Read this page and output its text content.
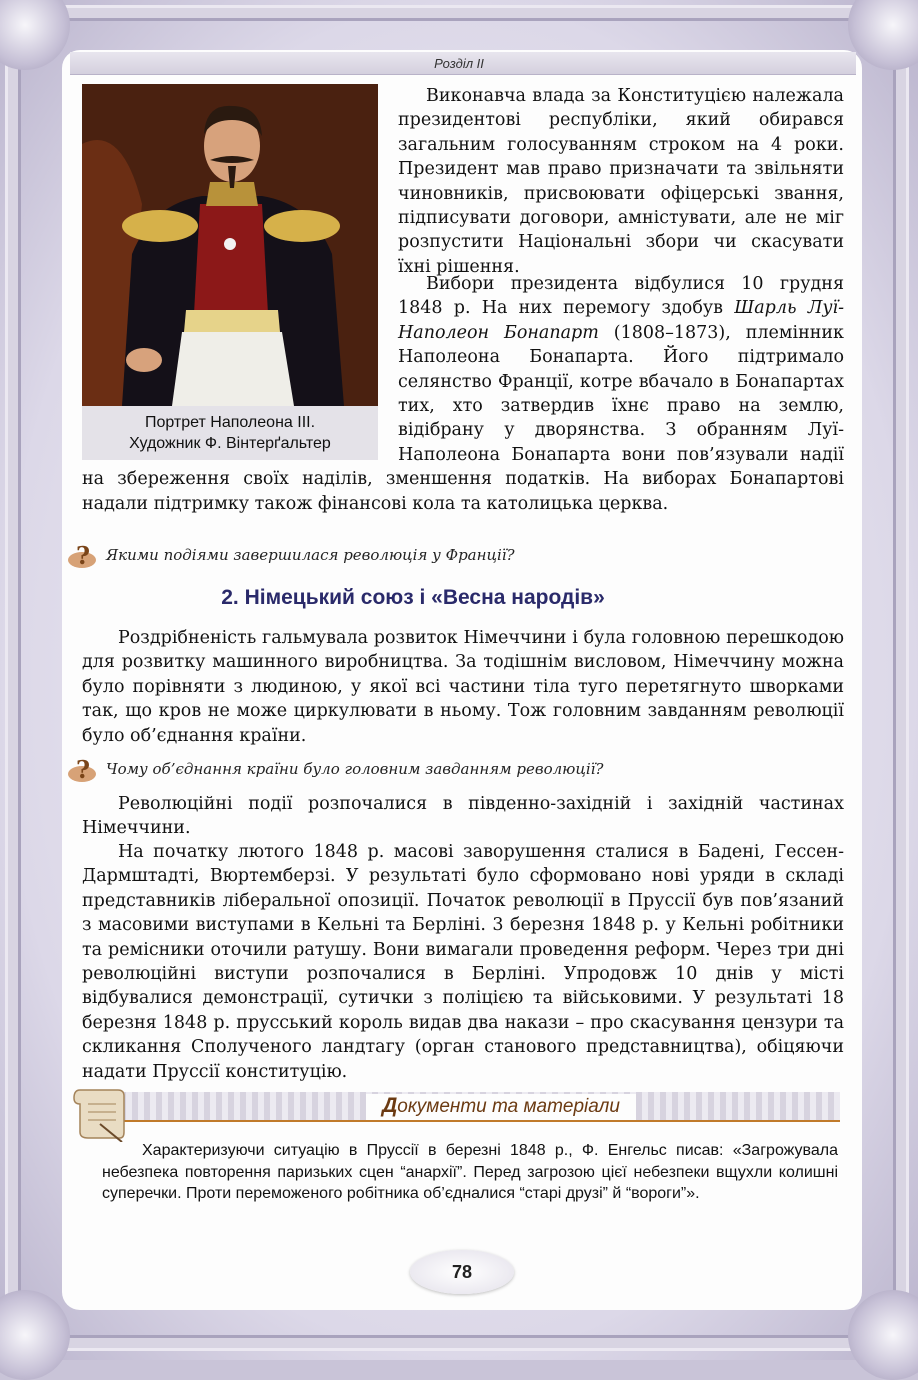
Розділ ІІ
Портрет Наполеона ІІІ.
Художник Ф. Вінтерґальтер

Виконавча влада за Конституцією належала президентові республіки, який обирався загальним голосуванням строком на 4 роки. Президент мав право призначати та звільняти чиновників, присвоювати офіцерські звання, підписувати договори, амністувати, але не міг розпустити Національні збори чи скасувати їхні рішення.

Вибори президента відбулися 10 грудня 1848 р. На них перемогу здобув Шарль Луї-Наполеон Бонапарт (1808–1873), племінник Наполеона Бонапарта. Його підтримало селянство Франції, котре вбачало в Бонапартах тих, хто затвердив їхнє право на землю, відібрану у дворянства. З обранням Луї-Наполеона Бонапарта вони пов’язували надії на збереження своїх наділів, зменшення податків. На виборах Бонапартові надали підтримку також фінансові кола та католицька церква.
? Якими подіями завершилася революція у Франції?
2. Німецький союз і «Весна народів»

Роздрібненість гальмувала розвиток Німеччини і була головною перешкодою для розвитку машинного виробництва. За тодішнім висловом, Німеччину можна було порівняти з людиною, у якої всі частини тіла туго перетягнуто шворками так, що кров не може циркулювати в ньому. Тож головним завданням революції було об’єднання країни.

? Чому об’єднання країни було головним завданням революції?

Революційні події розпочалися в південно-західній і західній частинах Німеччини.

На початку лютого 1848 р. масові заворушення сталися в Бадені, Гессен-Дармштадті, Вюртемберзі. У результаті було сформовано нові уряди в складі представників ліберальної опозиції. Початок революції в Пруссії був пов’язаний з масовими виступами в Кельні та Берліні. 3 березня 1848 р. у Кельні робітники та ремісники оточили ратушу. Вони вимагали проведення реформ. Через три дні революційні виступи розпочалися в Берліні. Упродовж 10 днів у місті відбувалися демонстрації, сутички з поліцією та військовими. У результаті 18 березня 1848 р. прусський король видав два накази – про скасування цензури та скликання Сполученого ландтагу (орган станового представництва), обіцяючи надати Пруссії конституцію.

Документи та матеріали

Характеризуючи ситуацію в Пруссії в березні 1848 р., Ф. Енгельс писав: «Загрожувала небезпека повторення паризьких сцен “анархії”. Перед загрозою цієї небезпеки вщухли колишні суперечки. Проти переможеного робітника об’єдналися “старі друзі” й “вороги”».

78
